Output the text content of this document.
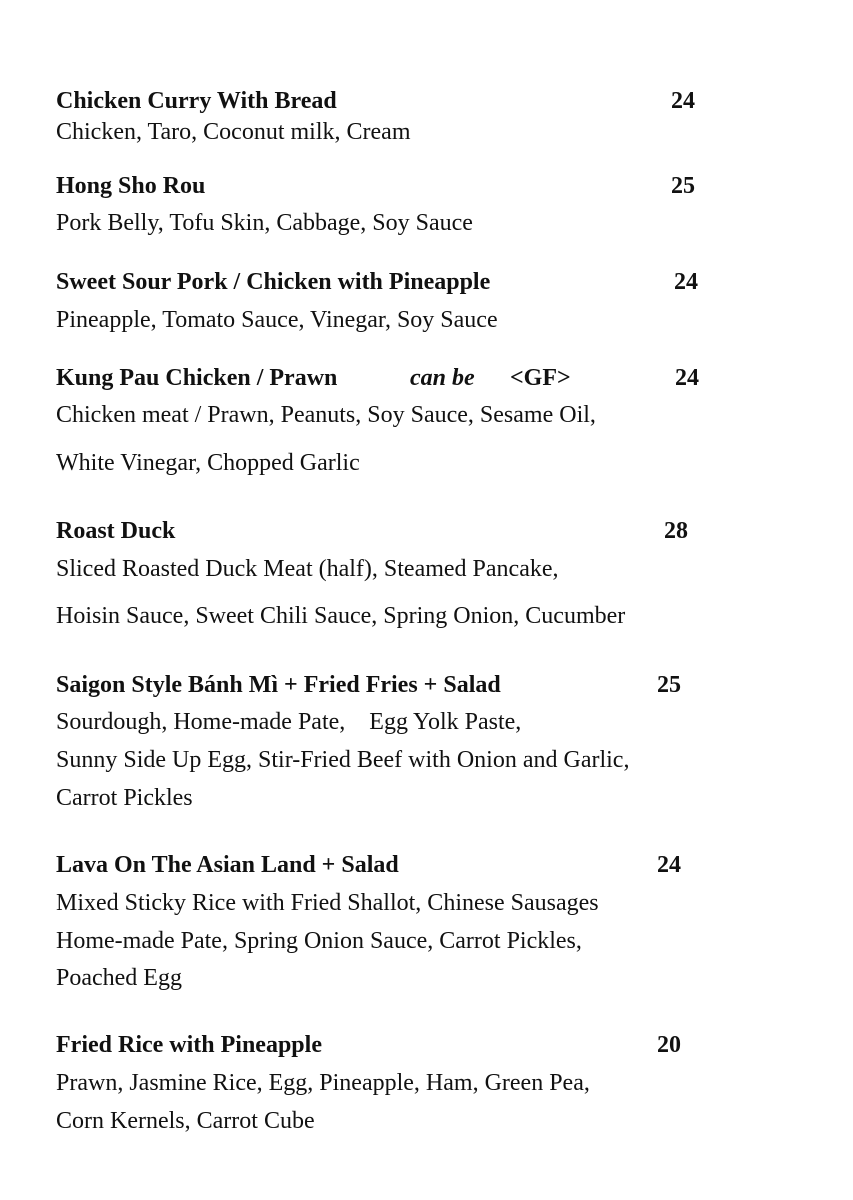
Chicken Curry With Bread	24
Chicken, Taro, Coconut milk, Cream
Hong Sho Rou	25
Pork Belly, Tofu Skin, Cabbage, Soy Sauce
Sweet Sour Pork / Chicken with Pineapple	24
Pineapple, Tomato Sauce, Vinegar, Soy Sauce
Kung Pau Chicken / Prawn	can be <GF>	24
Chicken meat / Prawn, Peanuts, Soy Sauce, Sesame Oil,
White Vinegar, Chopped Garlic
Roast Duck	28
Sliced Roasted Duck Meat (half), Steamed Pancake,
Hoisin Sauce, Sweet Chili Sauce, Spring Onion, Cucumber
Saigon Style Bánh Mì + Fried Fries + Salad	25
Sourdough, Home-made Pate,    Egg Yolk Paste,
Sunny Side Up Egg, Stir-Fried Beef with Onion and Garlic,
Carrot Pickles
Lava On The Asian Land + Salad	24
Mixed Sticky Rice with Fried Shallot, Chinese Sausages
Home-made Pate, Spring Onion Sauce, Carrot Pickles,
Poached Egg
Fried Rice with Pineapple	20
Prawn, Jasmine Rice, Egg, Pineapple, Ham, Green Pea,
Corn Kernels, Carrot Cube
